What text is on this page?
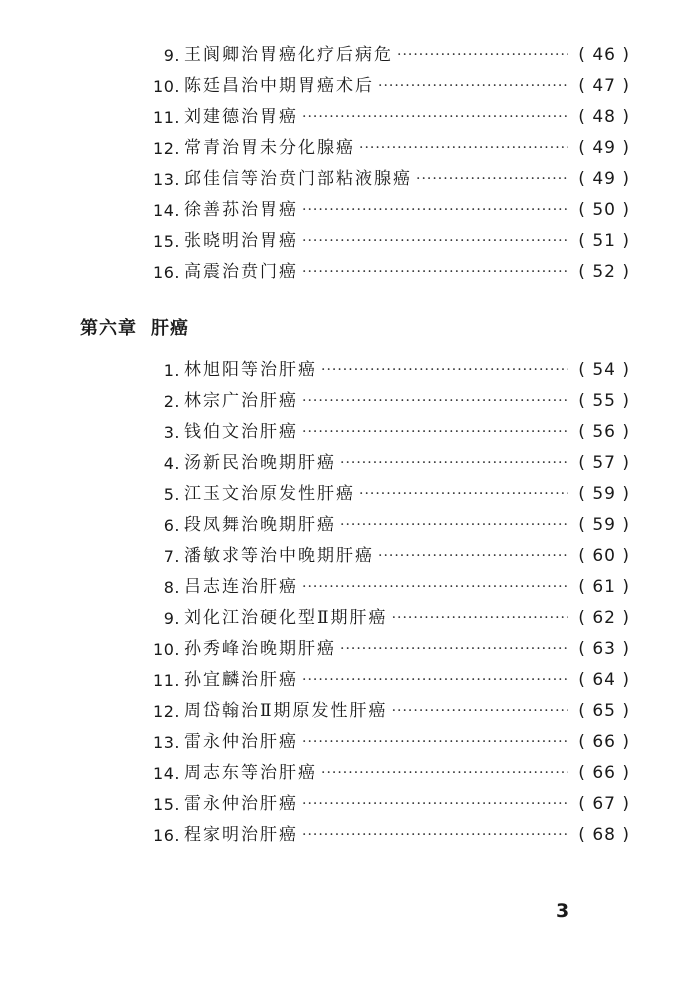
9. 王阆卿治胃癌化疗后病危 ·····	( 46 )
10. 陈廷昌治中期胃癌术后 ·····	( 47 )
11. 刘建德治胃癌 ·····	( 48 )
12. 常青治胃未分化腺癌 ·····	( 49 )
13. 邱佳信等治贲门部粘液腺癌 ·····	( 49 )
14. 徐善荪治胃癌 ·····	( 50 )
15. 张晓明治胃癌 ·····	( 51 )
16. 高震治贲门癌 ·····	( 52 )
第六章 肝癌
1. 林旭阳等治肝癌 ·····	( 54 )
2. 林宗广治肝癌 ·····	( 55 )
3. 钱伯文治肝癌 ·····	( 56 )
4. 汤新民治晚期肝癌 ·····	( 57 )
5. 江玉文治原发性肝癌 ·····	( 59 )
6. 段凤舞治晚期肝癌 ·····	( 59 )
7. 潘敏求等治中晚期肝癌 ·····	( 60 )
8. 吕志连治肝癌 ·····	( 61 )
9. 刘化江治硬化型Ⅱ期肝癌 ·····	( 62 )
10. 孙秀峰治晚期肝癌 ·····	( 63 )
11. 孙宜麟治肝癌 ·····	( 64 )
12. 周岱翰治Ⅱ期原发性肝癌 ·····	( 65 )
13. 雷永仲治肝癌 ·····	( 66 )
14. 周志东等治肝癌 ·····	( 66 )
15. 雷永仲治肝癌 ·····	( 67 )
16. 程家明治肝癌 ·····	( 68 )
3
